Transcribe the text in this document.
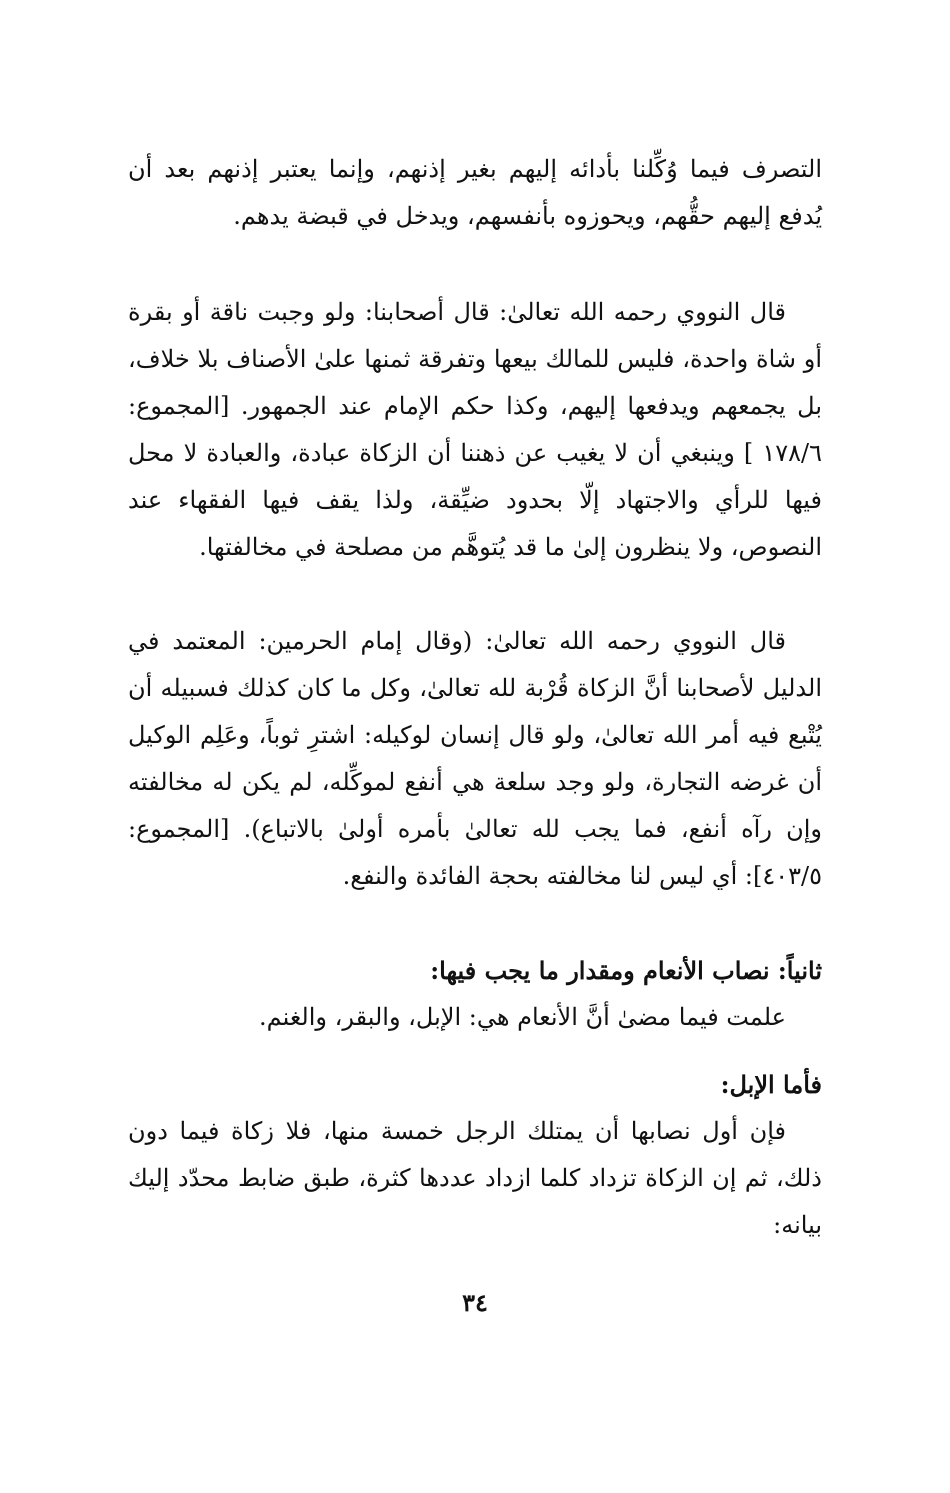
التصرف فيما وُكِّلنا بأدائه إليهم بغير إذنهم، وإنما يعتبر إذنهم بعد أن يُدفع إليهم حقُّهم، ويحوزوه بأنفسهم، ويدخل في قبضة يدهم.

قال النووي رحمه الله تعالىٰ: قال أصحابنا: ولو وجبت ناقة أو بقرة أو شاة واحدة، فليس للمالك بيعها وتفرقة ثمنها علىٰ الأصناف بلا خلاف، بل يجمعهم ويدفعها إليهم، وكذا حكم الإمام عند الجمهور. [المجموع: ١٧٨/٦ ] وينبغي أن لا يغيب عن ذهننا أن الزكاة عبادة، والعبادة لا محل فيها للرأي والاجتهاد إلّا بحدود ضيِّقة، ولذا يقف فيها الفقهاء عند النصوص، ولا ينظرون إلىٰ ما قد يُتوهَّم من مصلحة في مخالفتها.

قال النووي رحمه الله تعالىٰ: (وقال إمام الحرمين: المعتمد في الدليل لأصحابنا أنَّ الزكاة قُرْبة لله تعالىٰ، وكل ما كان كذلك فسبيله أن يُتْبع فيه أمر الله تعالىٰ، ولو قال إنسان لوكيله: اشترِ ثوباً، وعَلِم الوكيل أن غرضه التجارة، ولو وجد سلعة هي أنفع لموكِّله، لم يكن له مخالفته وإن رآه أنفع، فما يجب لله تعالىٰ بأمره أولىٰ بالاتباع). [المجموع: ٤٠٣/٥]: أي ليس لنا مخالفته بحجة الفائدة والنفع.

ثانياً: نصاب الأنعام ومقدار ما يجب فيها:

علمت فيما مضىٰ أنَّ الأنعام هي: الإبل، والبقر، والغنم.

فأما الإبل:

فإن أول نصابها أن يمتلك الرجل خمسة منها، فلا زكاة فيما دون ذلك، ثم إن الزكاة تزداد كلما ازداد عددها كثرة، طبق ضابط محدّد إليك بيانه:

٣٤
